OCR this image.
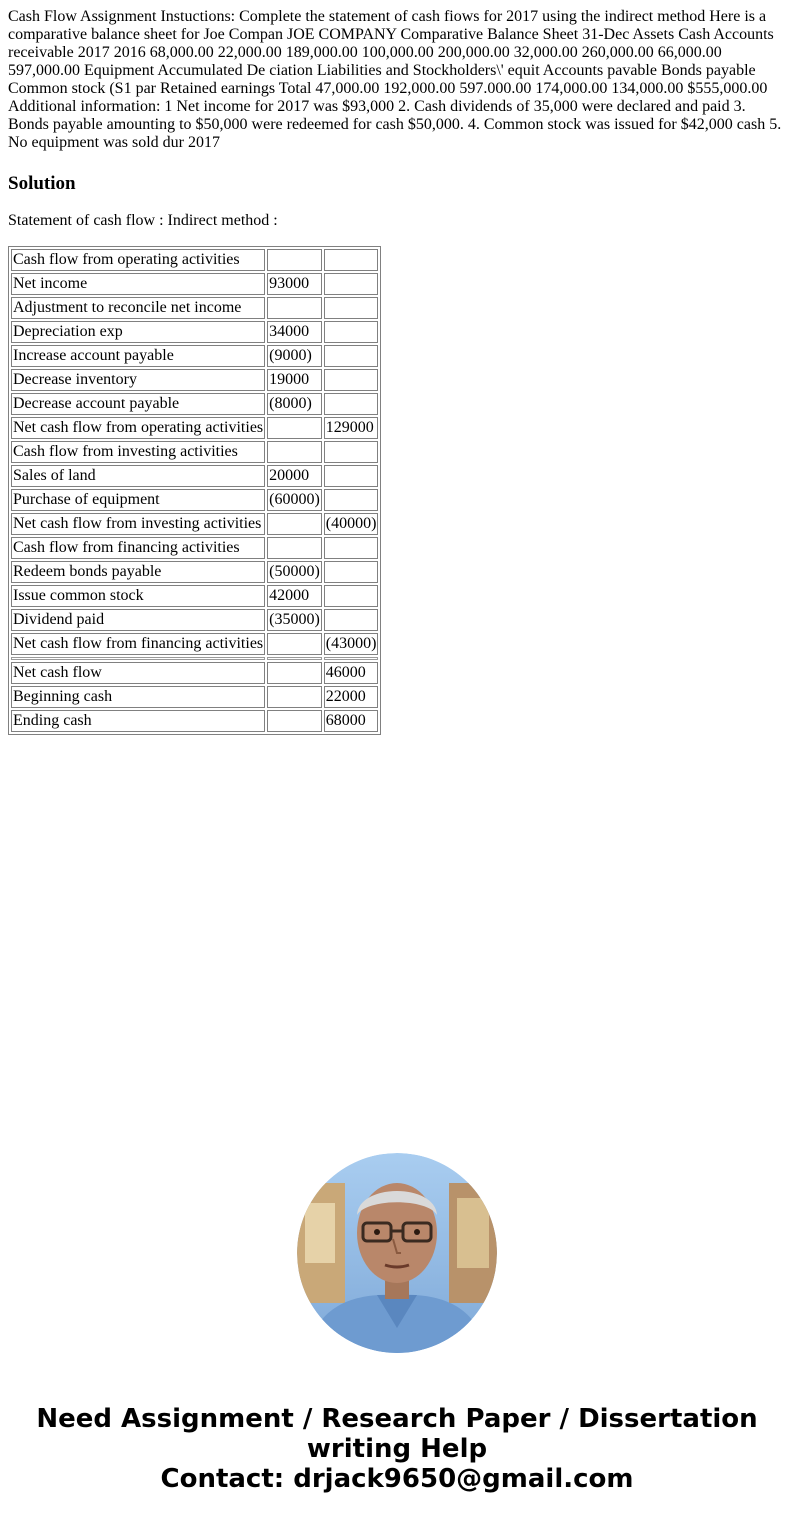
Cash Flow Assignment Instuctions: Complete the statement of cash fiows for 2017 using the indirect method Here is a comparative balance sheet for Joe Compan JOE COMPANY Comparative Balance Sheet 31-Dec Assets Cash Accounts receivable 2017 2016 68,000.00 22,000.00 189,000.00 100,000.00 200,000.00 32,000.00 260,000.00 66,000.00 597,000.00 Equipment Accumulated De ciation Liabilities and Stockholders\' equit Accounts pavable Bonds payable Common stock (S1 par Retained earnings Total 47,000.00 192,000.00 597.000.00 174,000.00 134,000.00 $555,000.00 Additional information: 1 Net income for 2017 was $93,000 2. Cash dividends of 35,000 were declared and paid 3. Bonds payable amounting to $50,000 were redeemed for cash $50,000. 4. Common stock was issued for $42,000 cash 5. No equipment was sold dur 2017

Solution

Statement of cash flow : Indirect method :

Cash flow from operating activities		
Net income	93000	
Adjustment to reconcile net income		
Depreciation exp	34000	
Increase account payable	(9000)	
Decrease inventory	19000	
Decrease account payable	(8000)	
Net cash flow from operating activities		129000
Cash flow from investing activities		
Sales of land	20000	
Purchase of equipment	(60000)	
Net cash flow from investing activities		(40000)
Cash flow from financing activities		
Redeem bonds payable	(50000)	
Issue common stock	42000	
Dividend paid	(35000)	
Net cash flow from financing activities		(43000)

Net cash flow		46000
Beginning cash		22000
Ending cash		68000
Need Assignment / Research Paper / Dissertation
writing Help
Contact: drjack9650@gmail.com
